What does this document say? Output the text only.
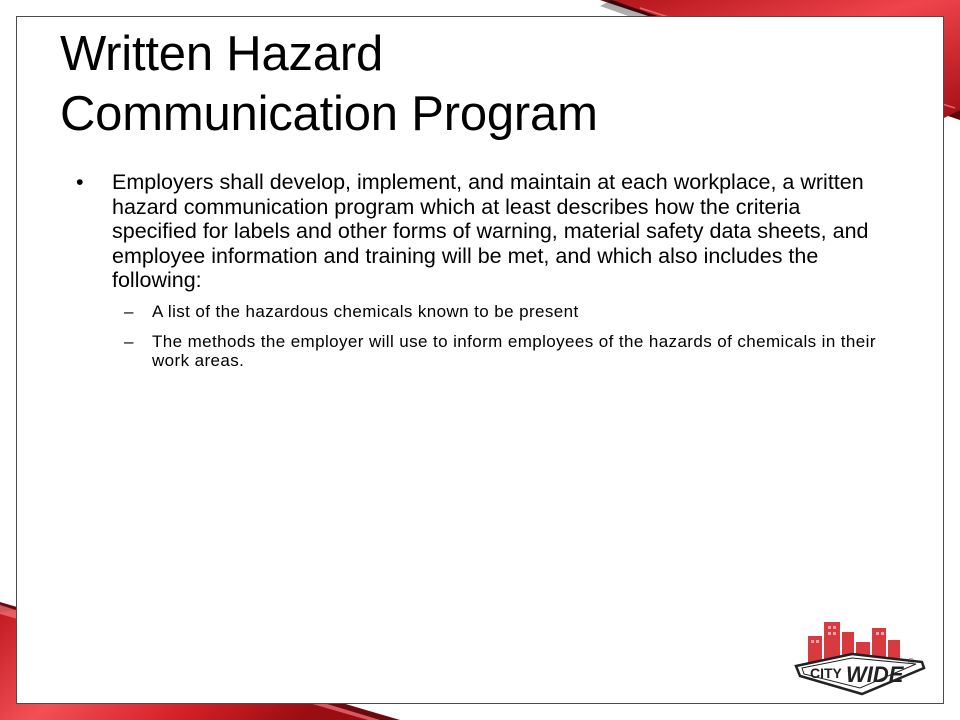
Written Hazard
Communication Program
• Employers shall develop, implement, and maintain at each workplace, a written hazard communication program which at least describes how the criteria specified for labels and other forms of warning, material safety data sheets, and employee information and training will be met, and which also includes the following:
– A list of the hazardous chemicals known to be present
– The methods the employer will use to inform employees of the hazards of chemicals in their work areas.
CITY WIDE
®
